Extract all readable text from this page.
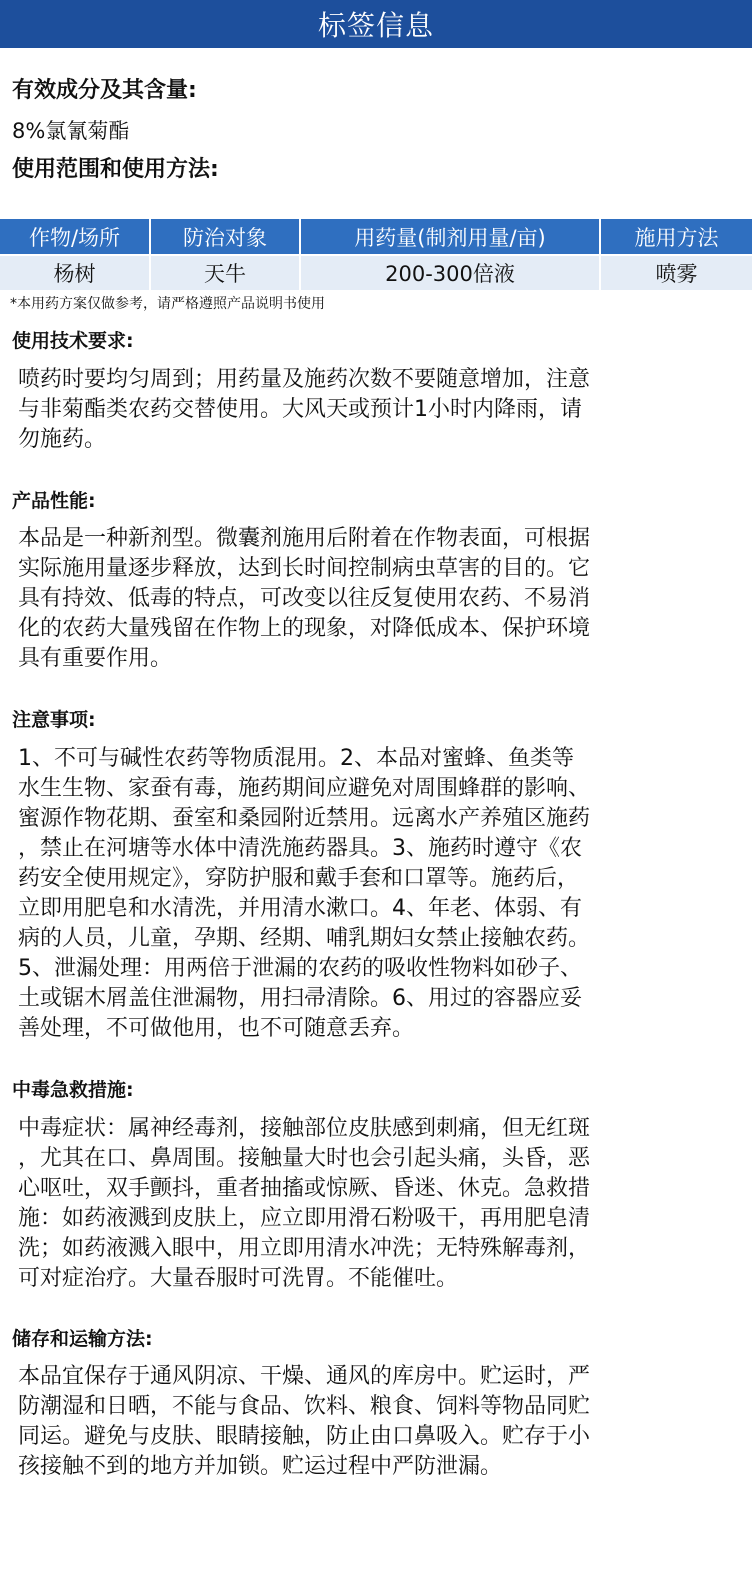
标签信息
有效成分及其含量:
8%氯氰菊酯
使用范围和使用方法:
作物/场所	防治对象	用药量(制剂用量/亩)	施用方法
杨树	天牛	200-300倍液	喷雾
*本用药方案仅做参考，请严格遵照产品说明书使用
使用技术要求:
喷药时要均匀周到；用药量及施药次数不要随意增加，注意
与非菊酯类农药交替使用。大风天或预计1小时内降雨，请
勿施药。
产品性能:
本品是一种新剂型。微囊剂施用后附着在作物表面，可根据
实际施用量逐步释放，达到长时间控制病虫草害的目的。它
具有持效、低毒的特点，可改变以往反复使用农药、不易消
化的农药大量残留在作物上的现象，对降低成本、保护环境
具有重要作用。
注意事项:
1、不可与碱性农药等物质混用。2、本品对蜜蜂、鱼类等
水生生物、家蚕有毒，施药期间应避免对周围蜂群的影响、
蜜源作物花期、蚕室和桑园附近禁用。远离水产养殖区施药
，禁止在河塘等水体中清洗施药器具。3、施药时遵守《农
药安全使用规定》，穿防护服和戴手套和口罩等。施药后，
立即用肥皂和水清洗，并用清水漱口。4、年老、体弱、有
病的人员，儿童，孕期、经期、哺乳期妇女禁止接触农药。
5、泄漏处理：用两倍于泄漏的农药的吸收性物料如砂子、
土或锯木屑盖住泄漏物，用扫帚清除。6、用过的容器应妥
善处理，不可做他用，也不可随意丢弃。
中毒急救措施:
中毒症状：属神经毒剂，接触部位皮肤感到刺痛，但无红斑
，尤其在口、鼻周围。接触量大时也会引起头痛，头昏，恶
心呕吐，双手颤抖，重者抽搐或惊厥、昏迷、休克。急救措
施：如药液溅到皮肤上，应立即用滑石粉吸干，再用肥皂清
洗；如药液溅入眼中，用立即用清水冲洗；无特殊解毒剂，
可对症治疗。大量吞服时可洗胃。不能催吐。
储存和运输方法:
本品宜保存于通风阴凉、干燥、通风的库房中。贮运时，严
防潮湿和日晒，不能与食品、饮料、粮食、饲料等物品同贮
同运。避免与皮肤、眼睛接触，防止由口鼻吸入。贮存于小
孩接触不到的地方并加锁。贮运过程中严防泄漏。
